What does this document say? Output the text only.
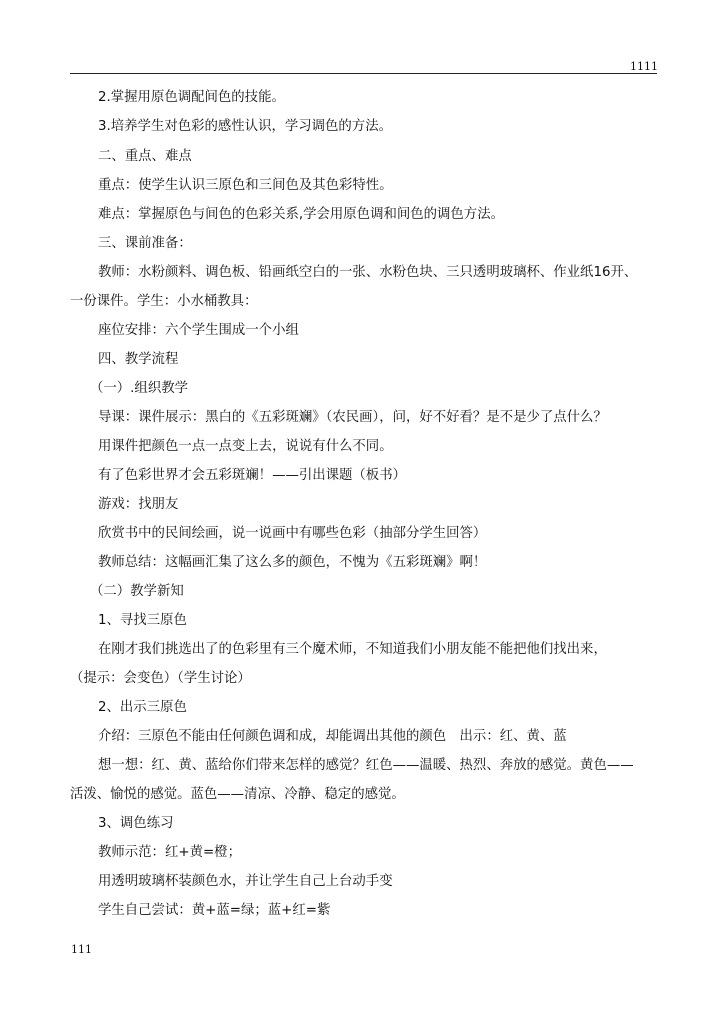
1111
2.掌握用原色调配间色的技能。
3.培养学生对色彩的感性认识，学习调色的方法。
二、重点、难点
重点：使学生认识三原色和三间色及其色彩特性。
难点：掌握原色与间色的色彩关系,学会用原色调和间色的调色方法。
三、课前准备：
教师：水粉颜料、调色板、铅画纸空白的一张、水粉色块、三只透明玻璃杯、作业纸16开、
一份课件。学生：小水桶教具：
座位安排：六个学生围成一个小组
四、教学流程
（一）.组织教学
导课：课件展示：黑白的《五彩斑斓》（农民画），问，好不好看？是不是少了点什么？
用课件把颜色一点一点变上去，说说有什么不同。
有了色彩世界才会五彩斑斓！——引出课题（板书）
游戏：找朋友
欣赏书中的民间绘画，说一说画中有哪些色彩（抽部分学生回答）
教师总结：这幅画汇集了这么多的颜色，不愧为《五彩斑斓》啊！
（二）教学新知
1、寻找三原色
在刚才我们挑选出了的色彩里有三个魔术师，不知道我们小朋友能不能把他们找出来，
（提示：会变色）（学生讨论）
2、出示三原色
介绍：三原色不能由任何颜色调和成，却能调出其他的颜色　出示：红、黄、蓝
想一想：红、黄、蓝给你们带来怎样的感觉？红色——温暖、热烈、奔放的感觉。黄色——
活泼、愉悦的感觉。蓝色——清凉、冷静、稳定的感觉。
3、调色练习
教师示范：红+黄=橙；
用透明玻璃杯装颜色水，并让学生自己上台动手变
学生自己尝试：黄+蓝=绿；蓝+红=紫
111
